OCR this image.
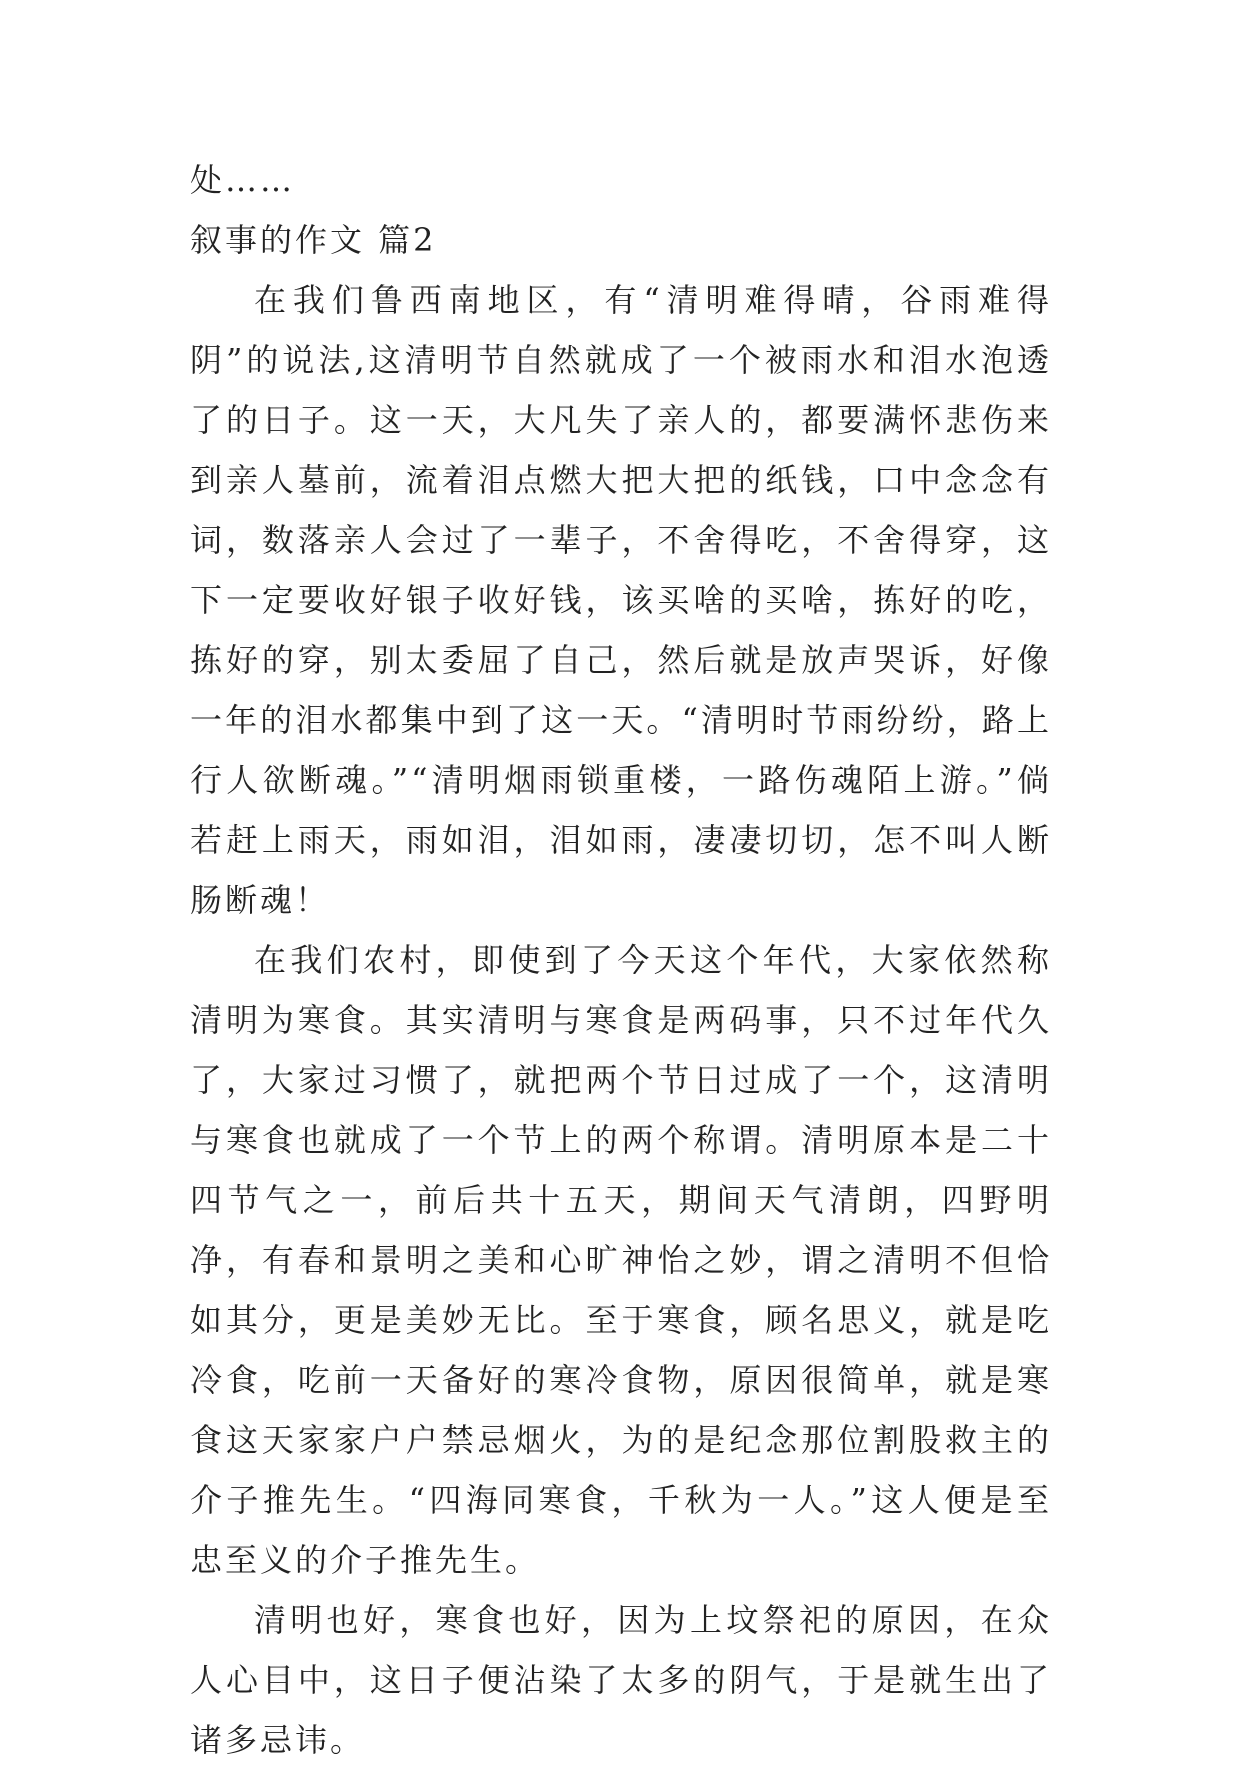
处……

叙事的作文 篇2

在我们鲁西南地区，有“清明难得晴，谷雨难得阴”的说法,这清明节自然就成了一个被雨水和泪水泡透了的日子。这一天，大凡失了亲人的，都要满怀悲伤来到亲人墓前，流着泪点燃大把大把的纸钱，口中念念有词，数落亲人会过了一辈子，不舍得吃，不舍得穿，这下一定要收好银子收好钱，该买啥的买啥，拣好的吃，拣好的穿，别太委屈了自己，然后就是放声哭诉，好像一年的泪水都集中到了这一天。“清明时节雨纷纷，路上行人欲断魂。”“清明烟雨锁重楼，一路伤魂陌上游。”倘若赶上雨天，雨如泪，泪如雨，凄凄切切，怎不叫人断肠断魂！

在我们农村，即使到了今天这个年代，大家依然称清明为寒食。其实清明与寒食是两码事，只不过年代久了，大家过习惯了，就把两个节日过成了一个，这清明与寒食也就成了一个节上的两个称谓。清明原本是二十四节气之一，前后共十五天，期间天气清朗，四野明净，有春和景明之美和心旷神怡之妙，谓之清明不但恰如其分，更是美妙无比。至于寒食，顾名思义，就是吃冷食，吃前一天备好的寒冷食物，原因很简单，就是寒食这天家家户户禁忌烟火，为的是纪念那位割股救主的介子推先生。“四海同寒食，千秋为一人。”这人便是至忠至义的介子推先生。

清明也好，寒食也好，因为上坟祭祀的原因，在众人心目中，这日子便沾染了太多的阴气，于是就生出了诸多忌讳。
